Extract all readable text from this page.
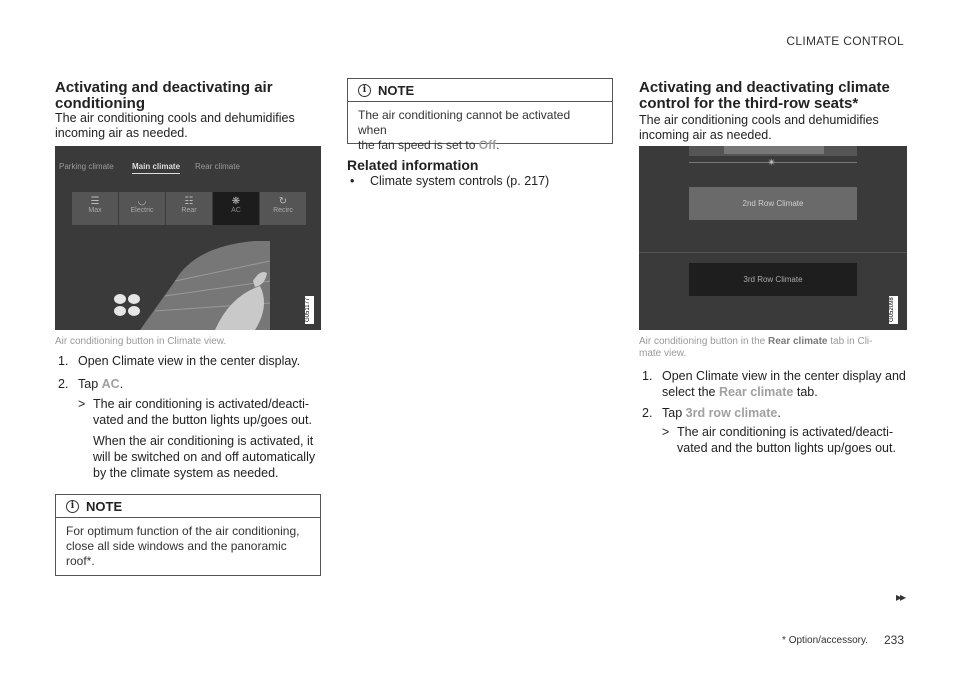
CLIMATE CONTROL
Activating and deactivating air
conditioning

The air conditioning cools and dehumidifies
incoming air as needed.

Parking climate Main climate Rear climate
☰
Max
◡
Electric
☷
Rear
❋
AC
↻
Recirc
G051177
Air conditioning button in Climate view.
1. Open Climate view in the center display.
2. Tap AC.
> The air conditioning is activated/deacti-
vated and the button lights up/goes out.
When the air conditioning is activated, it
will be switched on and off automatically
by the climate system as needed.
i NOTE
For optimum function of the air conditioning,
close all side windows and the panoramic
roof*.
i NOTE
The air conditioning cannot be activated when
the fan speed is set to Off.
Related information
• Climate system controls (p. 217)
Activating and deactivating climate
control for the third-row seats*

The air conditioning cools and dehumidifies
incoming air as needed.

✴
2nd Row Climate
3rd Row Climate
G052098
Air conditioning button in the Rear climate tab in Cli-
mate view.
1. Open Climate view in the center display and
select the Rear climate tab.
2. Tap 3rd row climate.
> The air conditioning is activated/deacti-
vated and the button lights up/goes out.
▸▸
* Option/accessory. 233
